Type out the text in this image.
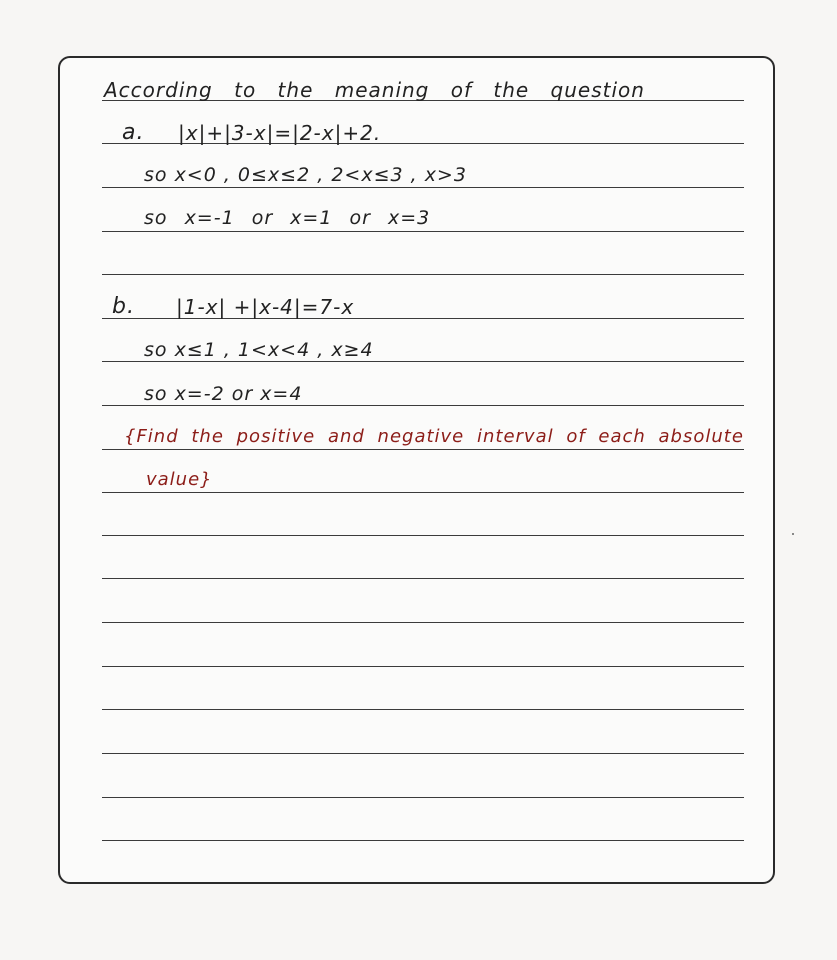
According to the meaning of the question
a. |x|+|3-x|=|2-x|+2.
so x<0 , 0≤x≤2 , 2<x≤3 , x>3
so x=-1 or x=1 or x=3
b. |1-x| +|x-4|=7-x
so x≤1 , 1<x<4 , x≥4
so x=-2 or x=4
{Find the positive and negative interval of each absolute
value}
